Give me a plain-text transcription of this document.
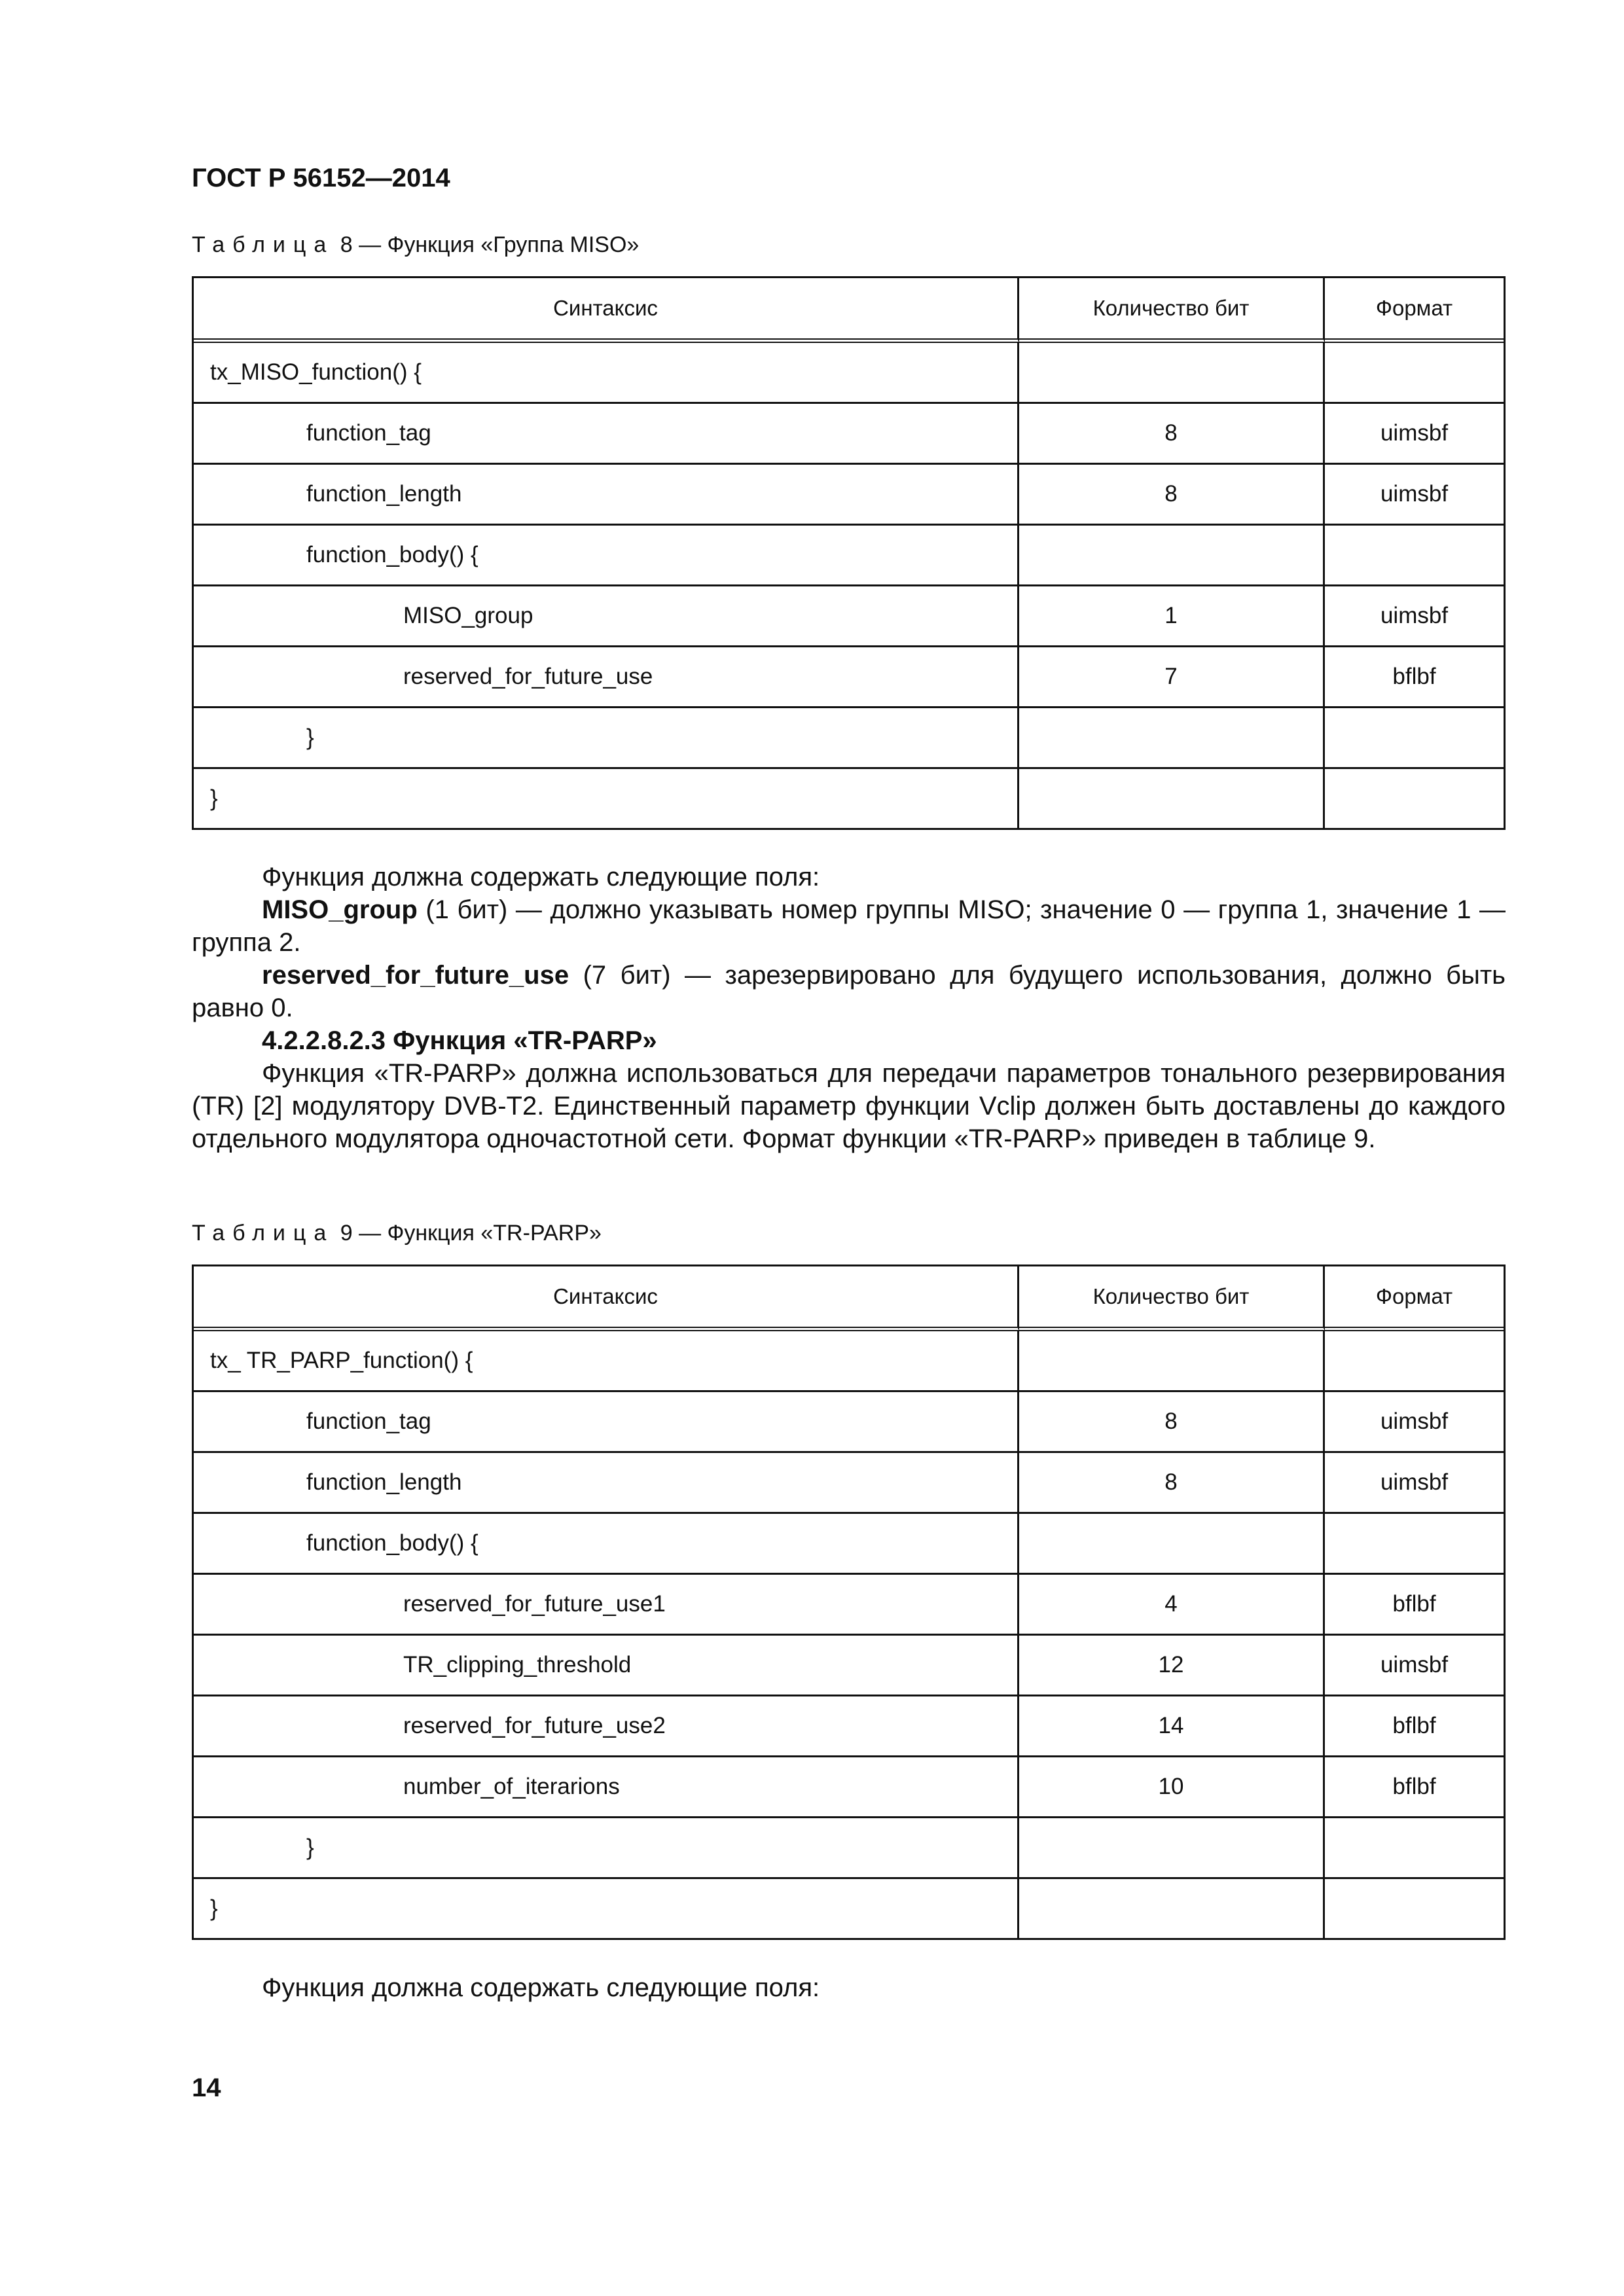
ГОСТ Р 56152—2014
Таблица 8 — Функция «Группа MISO»
Синтаксис	Количество бит	Формат
tx_MISO_function() {		
function_tag	8	uimsbf
function_length	8	uimsbf
function_body() {		
MISO_group	1	uimsbf
reserved_for_future_use	7	bflbf
}		
}		
Функция должна содержать следующие поля:
MISO_group (1 бит) — должно указывать номер группы MISO; значение 0 — группа 1, значение 1 — группа 2.
reserved_for_future_use (7 бит) — зарезервировано для будущего использования, должно быть равно 0.
4.2.2.8.2.3 Функция «TR-PARP»
Функция «TR-PARP» должна использоваться для передачи параметров тонального резервирования (TR) [2] модулятору DVB-T2. Единственный параметр функции Vclip должен быть доставлены до каждого отдельного модулятора одночастотной сети. Формат функции «TR-PARP» приведен в таблице 9.
Таблица 9 — Функция «TR-PARP»
Синтаксис	Количество бит	Формат
tx_ TR_PARP_function() {		
function_tag	8	uimsbf
function_length	8	uimsbf
function_body() {		
reserved_for_future_use1	4	bflbf
TR_clipping_threshold	12	uimsbf
reserved_for_future_use2	14	bflbf
number_of_iterarions	10	bflbf
}		
}		
Функция должна содержать следующие поля:
14
